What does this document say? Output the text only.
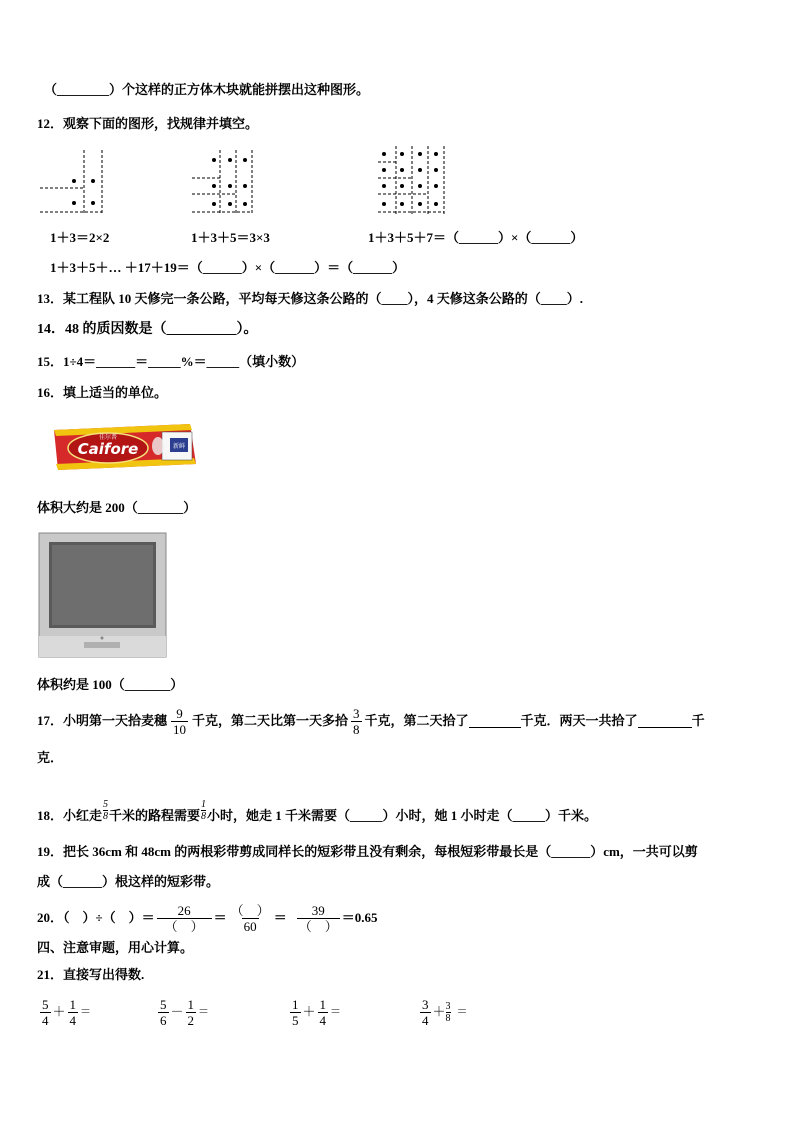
（________）个这样的正方体木块就能拼摆出这种图形。
12．观察下面的图形，找规律并填空。
1＋3＝2×2	1＋3＋5＝3×3	1＋3＋5＋7＝（______）×（______）
1＋3＋5＋… ＋17＋19＝（______）×（______）＝（______）
13．某工程队 10 天修完一条公路，平均每天修这条公路的（____），4 天修这条公路的（____）.
14．48 的质因数是（__________）。
15．1÷4＝______＝_____%＝_____（填小数）
16．填上适当的单位。
Caifore
佳尔普
新鲜
体积大约是 200（_______）
体积约是 100（_______）
17．小明第一天拾麦穗 $\frac{9}{10}$ 千克，第二天比第一天多拾 $\frac{3}{8}$ 千克，第二天拾了	千克．两天一共拾了	千
克．
18．小红走 $\frac{5}{8}$ 千米的路程需要 $\frac{1}{8}$ 小时，她走 1 千米需要（_____）小时，她 1 小时走（_____）千米。
19．把长 36cm 和 48cm 的两根彩带剪成同样长的短彩带且没有剩余，每根短彩带最长是（______）cm，一共可以剪
成（______）根这样的短彩带。
20．（　）÷（　）＝ $\frac{26}{( )} = \frac{( )}{60} = \frac{39}{( )} =0.65$
四、注意审题，用心计算。
21．直接写出得数.
$\frac{5}{4} + \frac{1}{4}$ ＝	$\frac{5}{6} - \frac{1}{2}$ ＝	$\frac{1}{5} + \frac{1}{4}$ ＝	$\frac{3}{4} + \frac{3}{8}$ ＝
